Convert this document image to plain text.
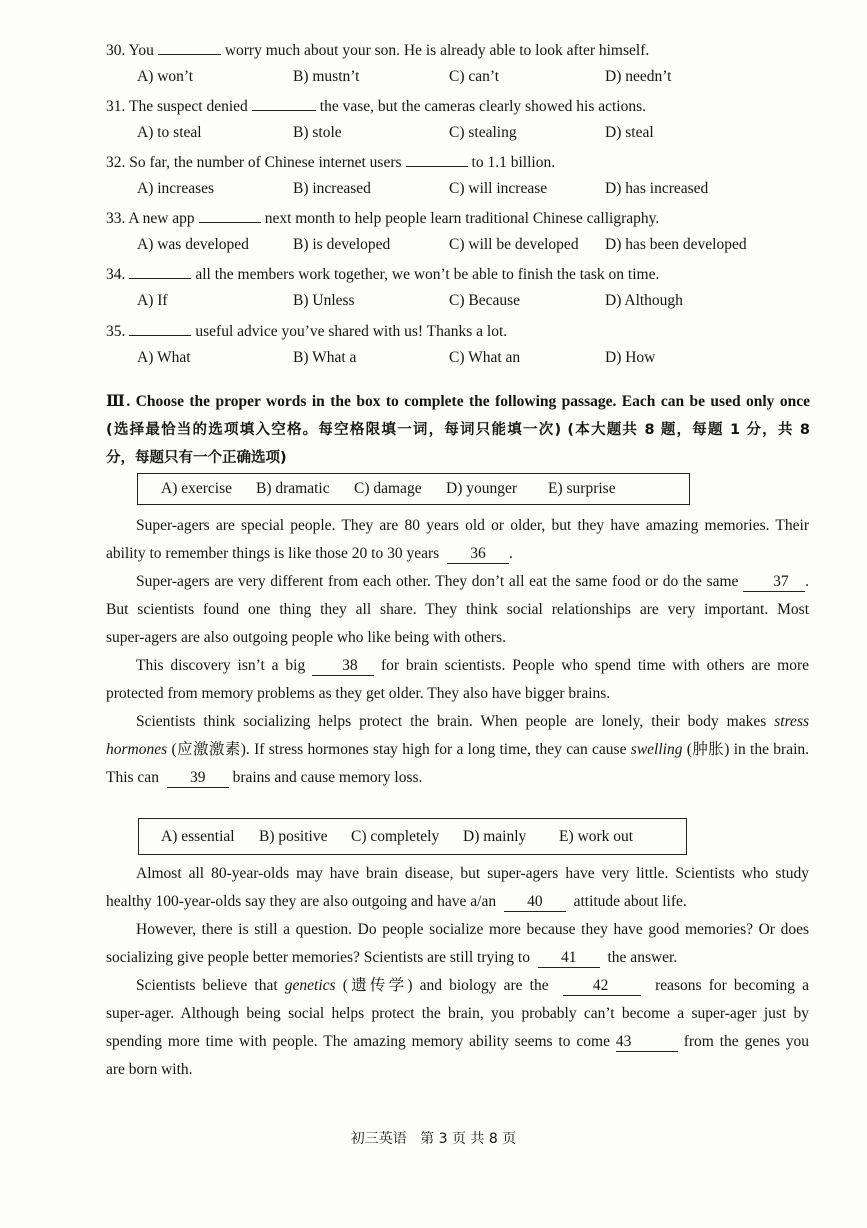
30. You	worry much about your son. He is already able to look after himself.
A) won’t	B) mustn’t	C) can’t	D) needn’t
31. The suspect denied	the vase, but the cameras clearly showed his actions.
A) to steal	B) stole	C) stealing	D) steal
32. So far, the number of Chinese internet users	to 1.1 billion.
A) increases	B) increased	C) will increase	D) has increased
33. A new app	next month to help people learn traditional Chinese calligraphy.
A) was developed	B) is developed	C) will be developed D) has been developed
34.	all the members work together, we won’t be able to finish the task on time.
A) If	B) Unless	C) Because	D) Although
35.	useful advice you’ve shared with us! Thanks a lot.
A) What	B) What a	C) What an	D) How
Ⅲ. Choose the proper words in the box to complete the following passage. Each can be used only once
(选择最恰当的选项填入空格。每空格限填一词，每词只能填一次) (本大题共 8 题，每题 1 分，共 8
分，每题只有一个正确选项)
A) exercise B) dramatic C) damage D) younger E) surprise
Super-agers are special people. They are 80 years old or older, but they have amazing memories. Their
ability to remember things is like those 20 to 30 years 36 .
Super-agers are very different from each other. They don’t all eat the same food or do the same 37 .
But scientists found one thing they all share. They think social relationships are very important. Most
super-agers are also outgoing people who like being with others.
This discovery isn’t a big 38 for brain scientists. People who spend time with others are more
protected from memory problems as they get older. They also have bigger brains.
Scientists think socializing helps protect the brain. When people are lonely, their body makes stress
hormones (应激激素). If stress hormones stay high for a long time, they can cause swelling (肿胀) in the brain.
This can 39 brains and cause memory loss.
A) essential B) positive C) completely D) mainly E) work out
Almost all 80-year-olds may have brain disease, but super-agers have very little. Scientists who study
healthy 100-year-olds say they are also outgoing and have a/an 40 attitude about life.
However, there is still a question. Do people socialize more because they have good memories? Or does
socializing give people better memories? Scientists are still trying to 41 the answer.
Scientists believe that genetics (遗传学) and biology are the	42	reasons for becoming a
super-ager. Although being social helps protect the brain, you probably can’t become a super-ager just by
spending more time with people. The amazing memory ability seems to come 43	from the genes you
are born with.
初三英语   第 3 页 共 8 页
